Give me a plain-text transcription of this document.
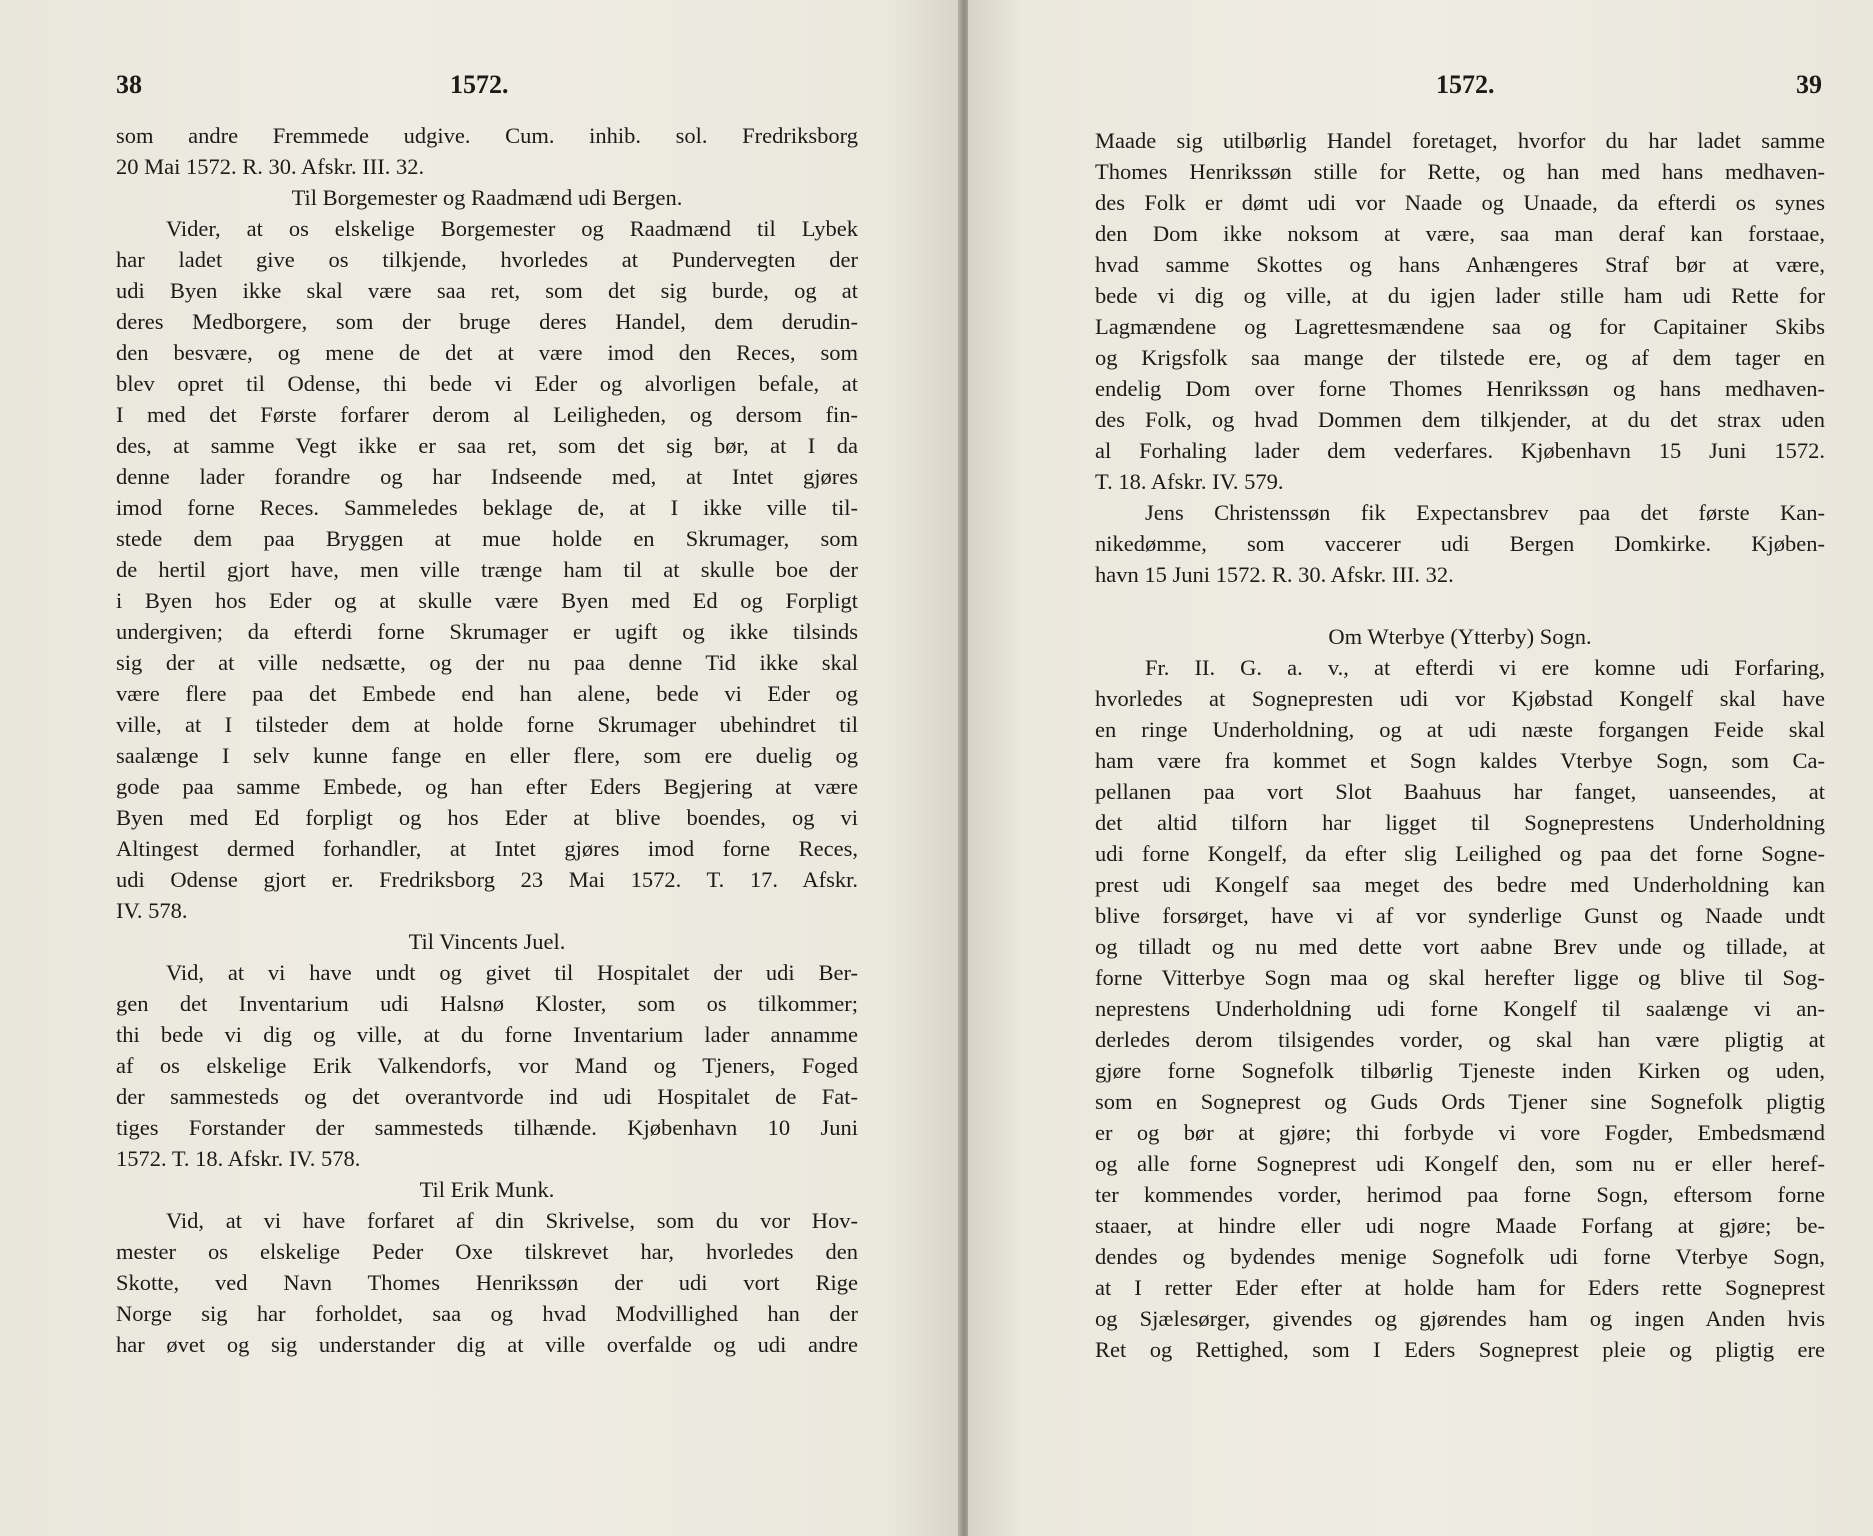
38	1572.
som andre Fremmede udgive. Cum. inhib. sol. Fredriksborg
20 Mai 1572. R. 30. Afskr. III. 32.
Til Borgemester og Raadmænd udi Bergen.
Vider, at os elskelige Borgemester og Raadmænd til Lybek
har ladet give os tilkjende, hvorledes at Pundervegten der
udi Byen ikke skal være saa ret, som det sig burde, og at
deres Medborgere, som der bruge deres Handel, dem derudin-
den besvære, og mene de det at være imod den Reces, som
blev opret til Odense, thi bede vi Eder og alvorligen befale, at
I med det Første forfarer derom al Leiligheden, og dersom fin-
des, at samme Vegt ikke er saa ret, som det sig bør, at I da
denne lader forandre og har Indseende med, at Intet gjøres
imod forne Reces. Sammeledes beklage de, at I ikke ville til-
stede dem paa Bryggen at mue holde en Skrumager, som
de hertil gjort have, men ville trænge ham til at skulle boe der
i Byen hos Eder og at skulle være Byen med Ed og Forpligt
undergiven; da efterdi forne Skrumager er ugift og ikke tilsinds
sig der at ville nedsætte, og der nu paa denne Tid ikke skal
være flere paa det Embede end han alene, bede vi Eder og
ville, at I tilsteder dem at holde forne Skrumager ubehindret til
saalænge I selv kunne fange en eller flere, som ere duelig og
gode paa samme Embede, og han efter Eders Begjering at være
Byen med Ed forpligt og hos Eder at blive boendes, og vi
Altingest dermed forhandler, at Intet gjøres imod forne Reces,
udi Odense gjort er. Fredriksborg 23 Mai 1572. T. 17. Afskr.
IV. 578.
Til Vincents Juel.
Vid, at vi have undt og givet til Hospitalet der udi Ber-
gen det Inventarium udi Halsnø Kloster, som os tilkommer;
thi bede vi dig og ville, at du forne Inventarium lader annamme
af os elskelige Erik Valkendorfs, vor Mand og Tjeners, Foged
der sammesteds og det overantvorde ind udi Hospitalet de Fat-
tiges Forstander der sammesteds tilhænde. Kjøbenhavn 10 Juni
1572. T. 18. Afskr. IV. 578.
Til Erik Munk.
Vid, at vi have forfaret af din Skrivelse, som du vor Hov-
mester os elskelige Peder Oxe tilskrevet har, hvorledes den
Skotte, ved Navn Thomes Henrikssøn der udi vort Rige
Norge sig har forholdet, saa og hvad Modvillighed han der
har øvet og sig understander dig at ville overfalde og udi andre
1572.	39
Maade sig utilbørlig Handel foretaget, hvorfor du har ladet samme
Thomes Henrikssøn stille for Rette, og han med hans medhaven-
des Folk er dømt udi vor Naade og Unaade, da efterdi os synes
den Dom ikke noksom at være, saa man deraf kan forstaae,
hvad samme Skottes og hans Anhængeres Straf bør at være,
bede vi dig og ville, at du igjen lader stille ham udi Rette for
Lagmændene og Lagrettesmændene saa og for Capitainer Skibs
og Krigsfolk saa mange der tilstede ere, og af dem tager en
endelig Dom over forne Thomes Henrikssøn og hans medhaven-
des Folk, og hvad Dommen dem tilkjender, at du det strax uden
al Forhaling lader dem vederfares. Kjøbenhavn 15 Juni 1572.
T. 18. Afskr. IV. 579.
Jens Christenssøn fik Expectansbrev paa det første Kan-
nikedømme, som vaccerer udi Bergen Domkirke. Kjøben-
havn 15 Juni 1572. R. 30. Afskr. III. 32.

Om Wterbye (Ytterby) Sogn.
Fr. II. G. a. v., at efterdi vi ere komne udi Forfaring,
hvorledes at Sognepresten udi vor Kjøbstad Kongelf skal have
en ringe Underholdning, og at udi næste forgangen Feide skal
ham være fra kommet et Sogn kaldes Vterbye Sogn, som Ca-
pellanen paa vort Slot Baahuus har fanget, uanseendes, at
det altid tilforn har ligget til Sogneprestens Underholdning
udi forne Kongelf, da efter slig Leilighed og paa det forne Sogne-
prest udi Kongelf saa meget des bedre med Underholdning kan
blive forsørget, have vi af vor synderlige Gunst og Naade undt
og tilladt og nu med dette vort aabne Brev unde og tillade, at
forne Vitterbye Sogn maa og skal herefter ligge og blive til Sog-
neprestens Underholdning udi forne Kongelf til saalænge vi an-
derledes derom tilsigendes vorder, og skal han være pligtig at
gjøre forne Sognefolk tilbørlig Tjeneste inden Kirken og uden,
som en Sogneprest og Guds Ords Tjener sine Sognefolk pligtig
er og bør at gjøre; thi forbyde vi vore Fogder, Embedsmænd
og alle forne Sogneprest udi Kongelf den, som nu er eller heref-
ter kommendes vorder, herimod paa forne Sogn, eftersom forne
staaer, at hindre eller udi nogre Maade Forfang at gjøre; be-
dendes og bydendes menige Sognefolk udi forne Vterbye Sogn,
at I retter Eder efter at holde ham for Eders rette Sogneprest
og Sjælesørger, givendes og gjørendes ham og ingen Anden hvis
Ret og Rettighed, som I Eders Sogneprest pleie og pligtig ere
